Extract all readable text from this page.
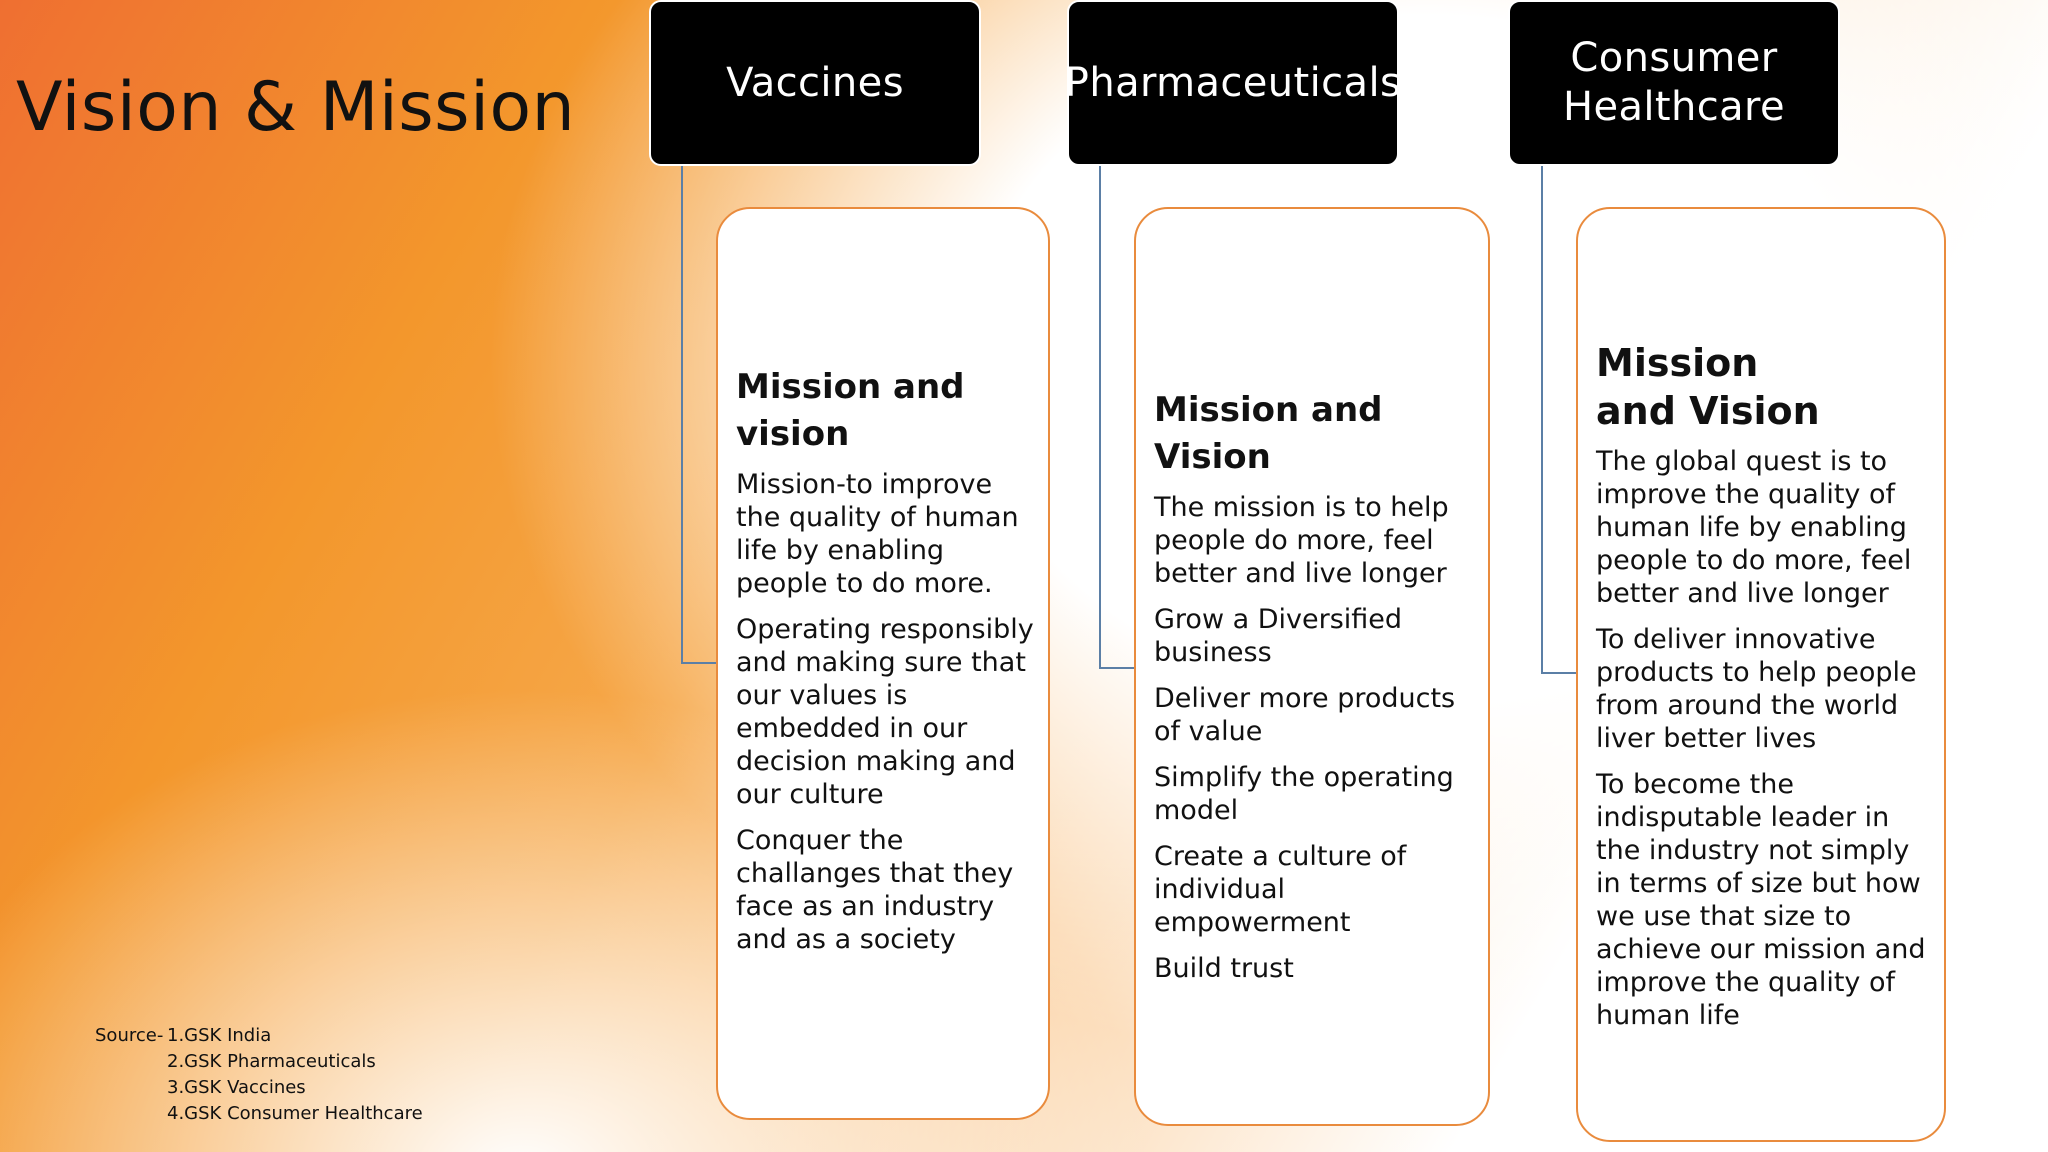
Vision & Mission	Vaccines
Mission and vision
Mission-to improve the quality of human life by enabling people to do more.
Operating responsibly and making sure that our values is embedded in our decision making and our culture
Conquer the challanges that they face as an industry and as a society
Pharmaceuticals
Mission and Vision
The mission is to help people do more, feel better and live longer
Grow a Diversified business
Deliver more products of value
Simplify the operating model
Create a culture of individual empowerment
Build trust
Consumer Healthcare
Mission and Vision
The global quest is to improve the quality of human life by enabling people to do more, feel better and live longer
To deliver innovative products to help people from around the world liver better lives
To become the indisputable leader in the industry not simply in terms of size but how we use that size to achieve our mission and improve the quality of human life
Source- 1.GSK India
2.GSK Pharmaceuticals
3.GSK Vaccines
4.GSK Consumer Healthcare
